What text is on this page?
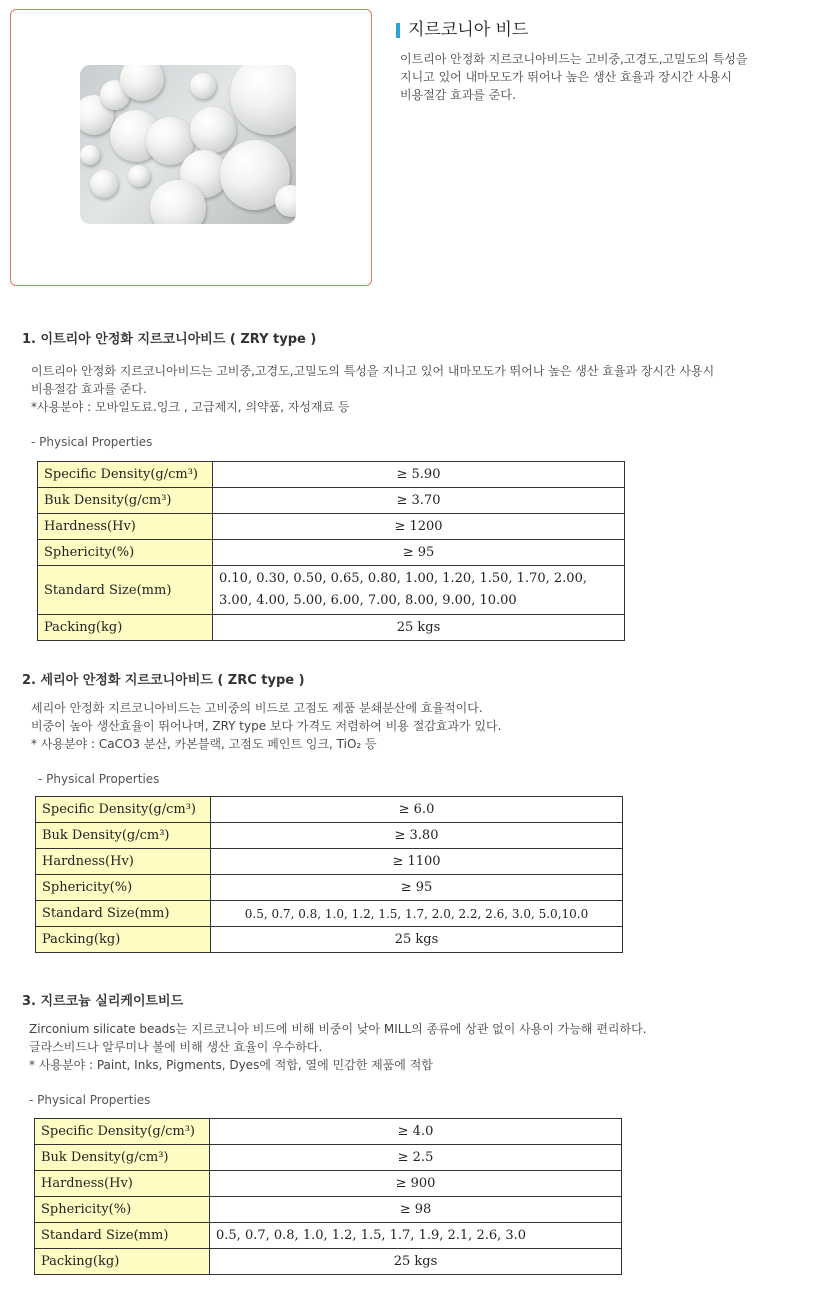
지르코니아 비드
이트리아 안정화 지르코니아비드는 고비중,고경도,고밀도의 특성을
지니고 있어 내마모도가 뛰어나 높은 생산 효율과 장시간 사용시
비용절감 효과를 준다.
1. 이트리아 안정화 지르코니아비드 ( ZRY type )
이트리아 안정화 지르코니아비드는 고비중,고경도,고밀도의 특성을 지니고 있어 내마모도가 뛰어나 높은 생산 효율과 장시간 사용시
비용절감 효과를 준다.
*사용분야 : 모바일도료.잉크 , 고급제지, 의약품, 자성재료 등
- Physical Properties
Specific Density(g/cm³)	≥ 5.90
Buk Density(g/cm³)	≥ 3.70
Hardness(Hv)	≥ 1200
Sphericity(%)	≥ 95
Standard Size(mm)	0.10, 0.30, 0.50, 0.65, 0.80, 1.00, 1.20, 1.50, 1.70, 2.00,
3.00, 4.00, 5.00, 6.00, 7.00, 8.00, 9.00, 10.00
Packing(kg)	25 kgs
2. 세리아 안정화 지르코니아비드 ( ZRC type )
세리아 안정화 지르코니아비드는 고비중의 비드로 고점도 제품 분쇄분산에 효율적이다.
비중이 높아 생산효율이 뛰어나며, ZRY type 보다 가격도 저렴하여 비용 절감효과가 있다.
* 사용분야 : CaCO3 분산, 카본블랙, 고점도 페인트 잉크, TiO₂ 등
- Physical Properties
Specific Density(g/cm³)	≥ 6.0
Buk Density(g/cm³)	≥ 3.80
Hardness(Hv)	≥ 1100
Sphericity(%)	≥ 95
Standard Size(mm)	0.5, 0.7, 0.8, 1.0, 1.2, 1.5, 1.7, 2.0, 2.2, 2.6, 3.0, 5.0,10.0
Packing(kg)	25 kgs
3. 지르코늄 실리케이트비드
Zirconium silicate beads는 지르코니아 비드에 비해 비중이 낮아 MILL의 종류에 상관 없이 사용이 가능해 편리하다.
글라스비드나 알루미나 볼에 비해 생산 효율이 우수하다.
* 사용분야 : Paint, Inks, Pigments, Dyes에 적합, 열에 민감한 제품에 적합
- Physical Properties
Specific Density(g/cm³)	≥ 4.0
Buk Density(g/cm³)	≥ 2.5
Hardness(Hv)	≥ 900
Sphericity(%)	≥ 98
Standard Size(mm)	0.5, 0.7, 0.8, 1.0, 1.2, 1.5, 1.7, 1.9, 2.1, 2.6, 3.0
Packing(kg)	25 kgs
